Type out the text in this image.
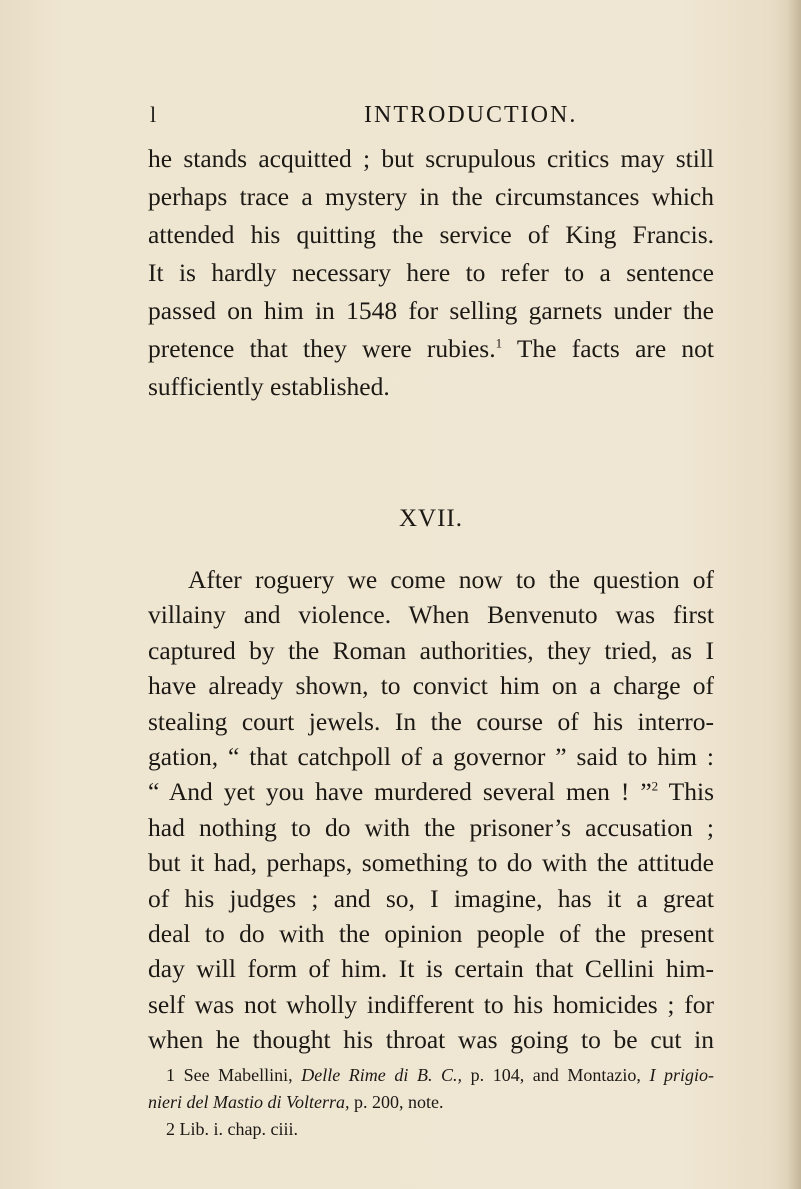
l	INTRODUCTION.
he stands acquitted ; but scrupulous critics may still
perhaps trace a mystery in the circumstances which
attended his quitting the service of King Francis.
It is hardly necessary here to refer to a sentence
passed on him in 1548 for selling garnets under the
pretence that they were rubies.$^1$ The facts are not
sufficiently established.
XVII.
After roguery we come now to the question of
villainy and violence. When Benvenuto was first
captured by the Roman authorities, they tried, as I
have already shown, to convict him on a charge of
stealing court jewels. In the course of his interro-
gation, “ that catchpoll of a governor ” said to him :
“ And yet you have murdered several men ! ”$^2$ This
had nothing to do with the prisoner’s accusation ;
but it had, perhaps, something to do with the attitude
of his judges ; and so, I imagine, has it a great
deal to do with the opinion people of the present
day will form of him. It is certain that Cellini him-
self was not wholly indifferent to his homicides ; for
when he thought his throat was going to be cut in
1 See Mabellini, Delle Rime di B. C., p. 104, and Montazio, I prigio-
nieri del Mastio di Volterra, p. 200, note.
2 Lib. i. chap. ciii.
